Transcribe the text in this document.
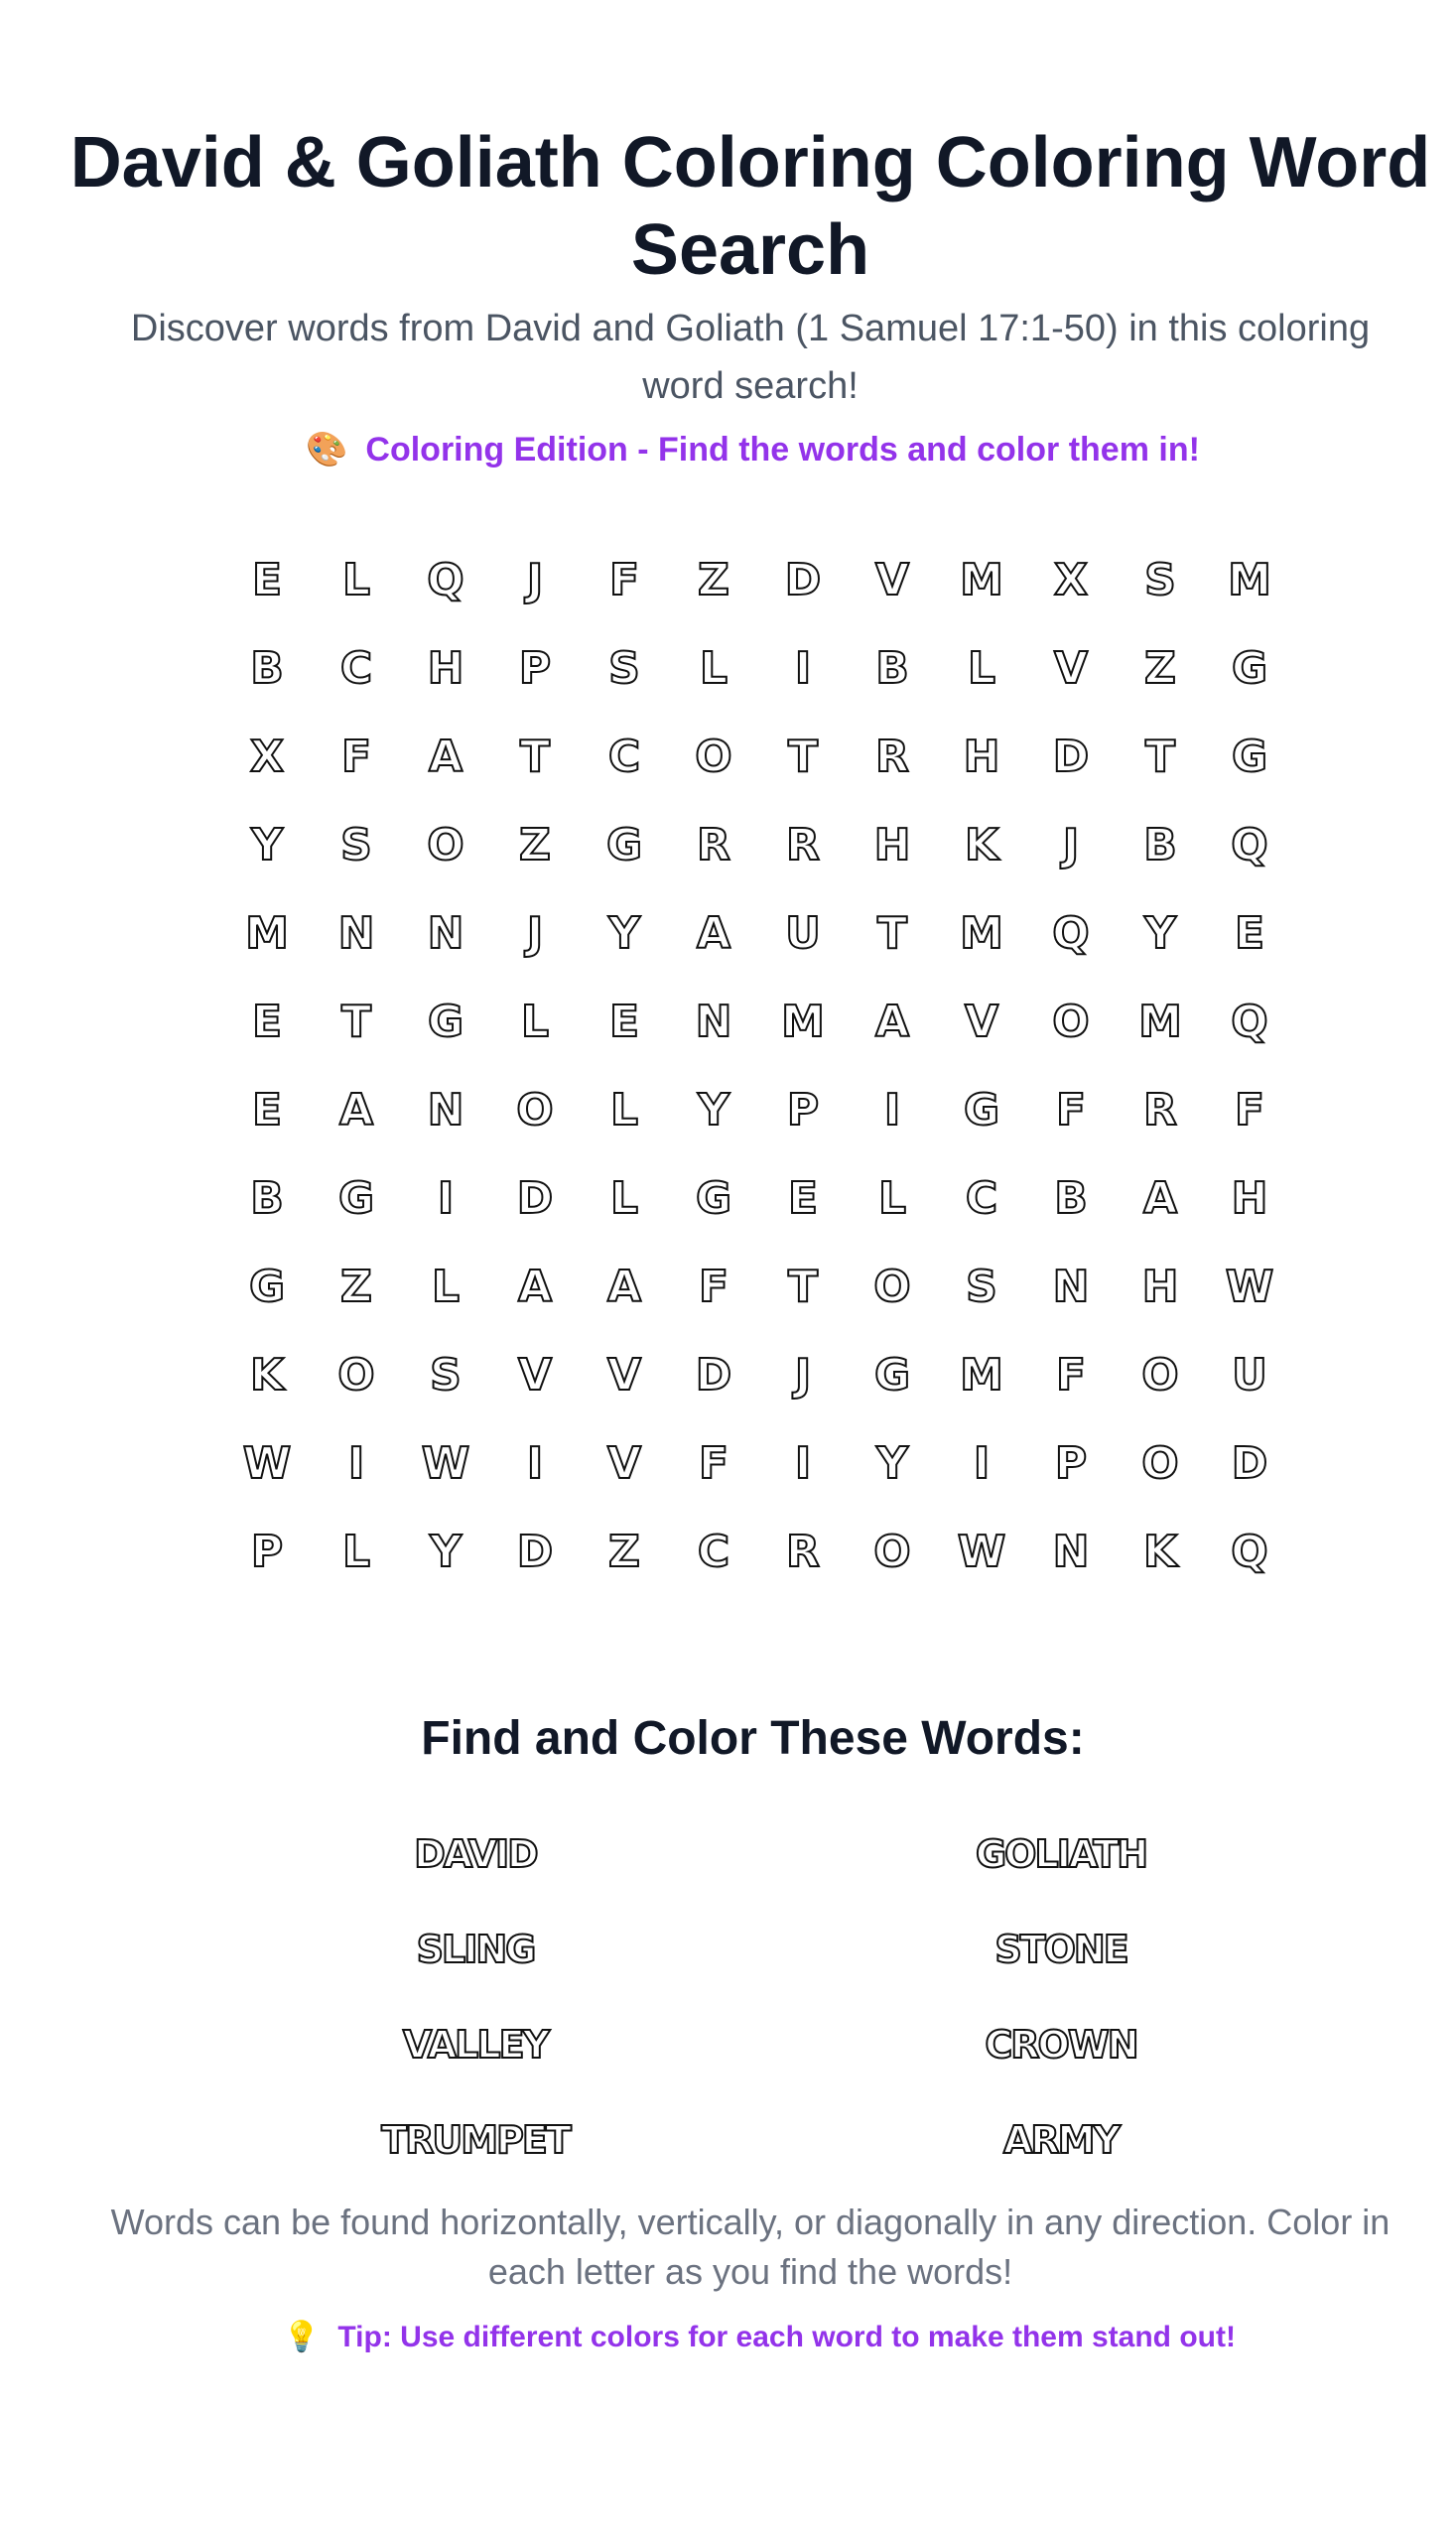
David & Goliath Coloring Coloring Word Search

Discover words from David and Goliath (1 Samuel 17:1-50) in this coloring word search!

🎨 Coloring Edition - Find the words and color them in!
E	L	Q	J	F	Z	D	V	M	X	S	M
B	C	H	P	S	L	I	B	L	V	Z	G
X	F	A	T	C	O	T	R	H	D	T	G
Y	S	O	Z	G	R	R	H	K	J	B	Q
M	N	N	J	Y	A	U	T	M	Q	Y	E
E	T	G	L	E	N	M	A	V	O	M	Q
E	A	N	O	L	Y	P	I	G	F	R	F
B	G	I	D	L	G	E	L	C	B	A	H
G	Z	L	A	A	F	T	O	S	N	H	W
K	O	S	V	V	D	J	G	M	F	O	U
W	I	W	I	V	F	I	Y	I	P	O	D
P	L	Y	D	Z	C	R	O	W	N	K	Q
Find and Color These Words:
DAVID	GOLIATH
SLING	STONE
VALLEY	CROWN
TRUMPET	ARMY

Words can be found horizontally, vertically, or diagonally in any direction. Color in each letter as you find the words!

💡 Tip: Use different colors for each word to make them stand out!
